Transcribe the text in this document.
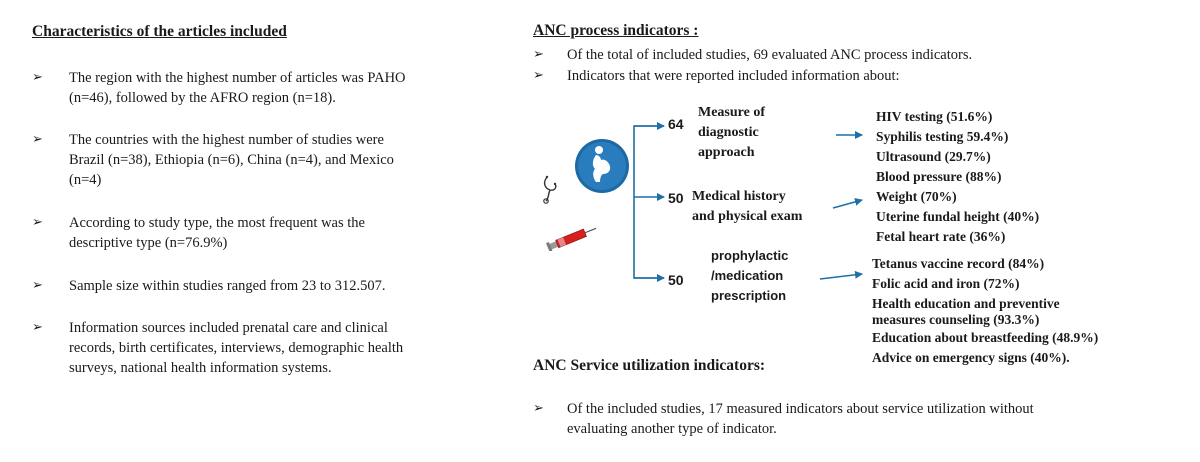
Characteristics of the articles included
➢ The region with the highest number of articles was PAHO
(n=46), followed by the AFRO region (n=18).
➢ The countries with the highest number of studies were
Brazil (n=38), Ethiopia (n=6), China (n=4), and Mexico
(n=4)
➢ According to study type, the most frequent was the
descriptive type (n=76.9%)
➢ Sample size within studies ranged from 23 to 312.507.
➢ Information sources included prenatal care and clinical
records, birth certificates, interviews, demographic health
surveys, national health information systems.
ANC process indicators :
➢ Of the total of included studies, 69 evaluated ANC process indicators.
➢ Indicators that were reported included information about:
64
Measure of
diagnostic
approach
HIV testing (51.6%)
Syphilis testing 59.4%)
Ultrasound (29.7%)
50 Medical history
and physical exam
Blood pressure (88%)
Weight (70%)
Uterine fundal height (40%)
Fetal heart rate (36%)
50
prophylactic
/medication
prescription
Tetanus vaccine record (84%)
Folic acid and iron (72%)
Health education and preventive
measures counseling (93.3%)
Education about breastfeeding (48.9%)
Advice on emergency signs (40%).
ANC Service utilization indicators:
➢ Of the included studies, 17 measured indicators about service utilization without
evaluating another type of indicator.
